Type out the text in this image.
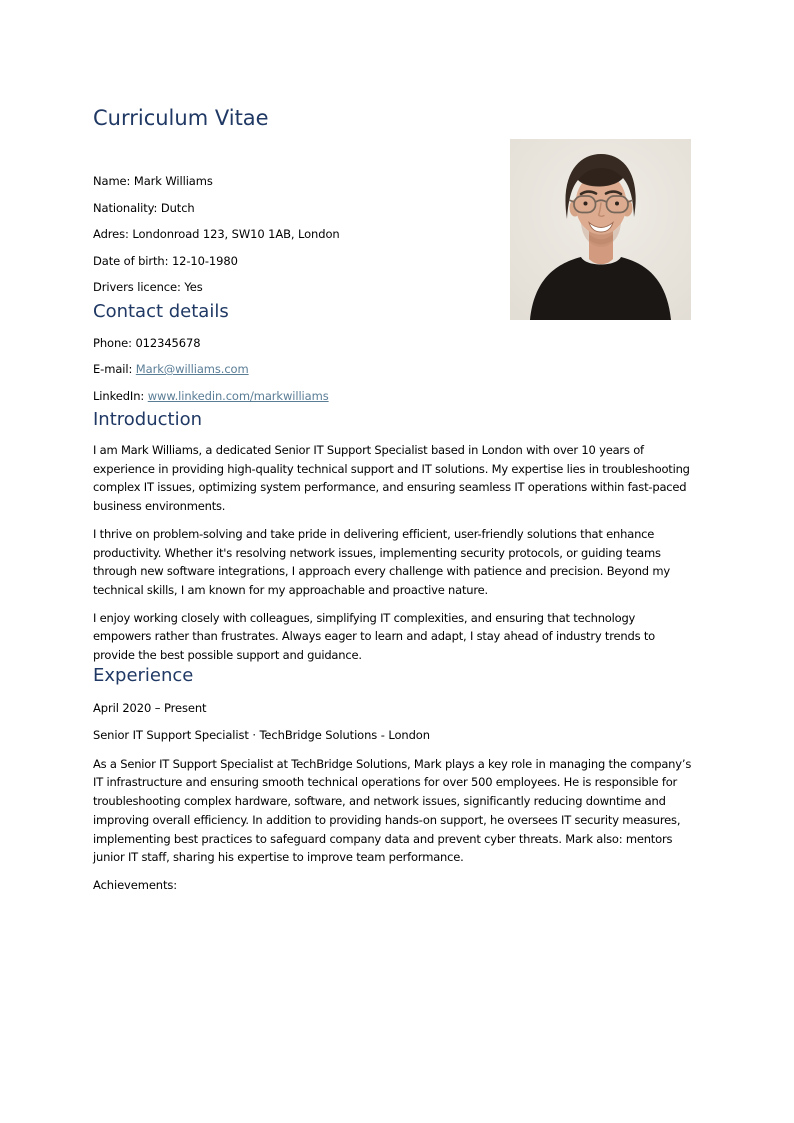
Curriculum Vitae
Name: Mark Williams
Nationality: Dutch
Adres: Londonroad 123, SW10 1AB, London
Date of birth: 12-10-1980
Drivers licence: Yes
Contact details
Phone: 012345678
E-mail: Mark@williams.com
LinkedIn: www.linkedin.com/markwilliams
Introduction

I am Mark Williams, a dedicated Senior IT Support Specialist based in London with over 10 years of experience in providing high-quality technical support and IT solutions. My expertise lies in troubleshooting complex IT issues, optimizing system performance, and ensuring seamless IT operations within fast-paced business environments.

I thrive on problem-solving and take pride in delivering efficient, user-friendly solutions that enhance productivity. Whether it's resolving network issues, implementing security protocols, or guiding teams through new software integrations, I approach every challenge with patience and precision. Beyond my technical skills, I am known for my approachable and proactive nature.

I enjoy working closely with colleagues, simplifying IT complexities, and ensuring that technology empowers rather than frustrates. Always eager to learn and adapt, I stay ahead of industry trends to provide the best possible support and guidance.

Experience
April 2020 – Present
Senior IT Support Specialist · TechBridge Solutions - London

As a Senior IT Support Specialist at TechBridge Solutions, Mark plays a key role in managing the company’s IT infrastructure and ensuring smooth technical operations for over 500 employees. He is responsible for troubleshooting complex hardware, software, and network issues, significantly reducing downtime and improving overall efficiency. In addition to providing hands-on support, he oversees IT security measures, implementing best practices to safeguard company data and prevent cyber threats. Mark also: mentors junior IT staff, sharing his expertise to improve team performance.

Achievements:
